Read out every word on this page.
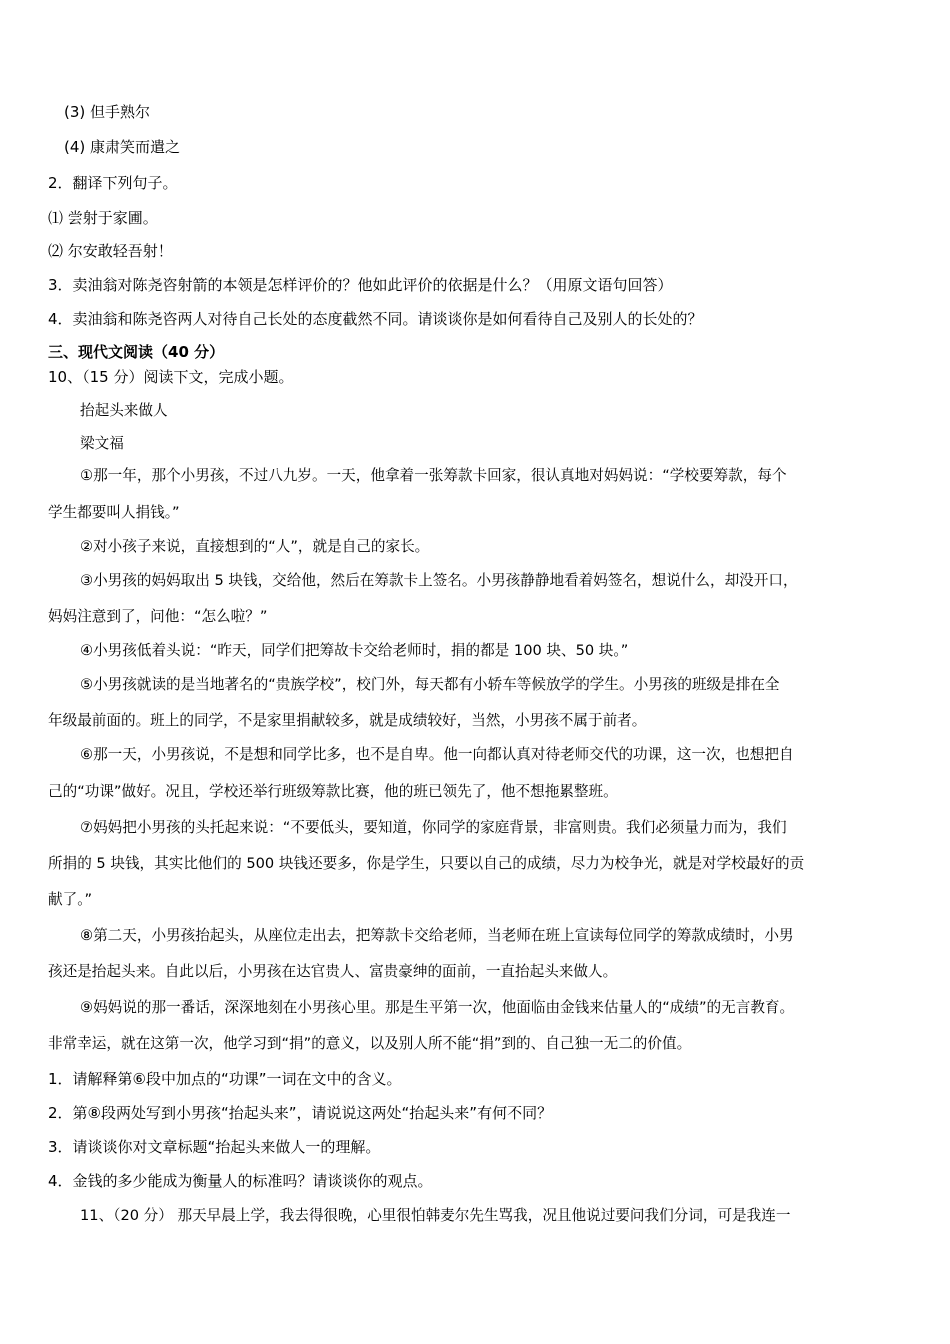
(3) 但手熟尔
(4) 康肃笑而遣之
2．翻译下列句子。
⑴ 尝射于家圃。
⑵ 尔安敢轻吾射！
3．卖油翁对陈尧咨射箭的本领是怎样评价的？他如此评价的依据是什么？（用原文语句回答）
4．卖油翁和陈尧咨两人对待自己长处的态度截然不同。请谈谈你是如何看待自己及别人的长处的？
三、现代文阅读（40 分）
10、（15 分）阅读下文，完成小题。
抬起头来做人
梁文福
①那一年，那个小男孩，不过八九岁。一天，他拿着一张筹款卡回家，很认真地对妈妈说：“学校要筹款，每个
学生都要叫人捐钱。”
②对小孩子来说，直接想到的“人”，就是自己的家长。
③小男孩的妈妈取出 5 块钱，交给他，然后在筹款卡上签名。小男孩静静地看着妈签名，想说什么，却没开口，
妈妈注意到了，问他：“怎么啦？”
④小男孩低着头说：“昨天，同学们把筹故卡交给老师时，捐的都是 100 块、50 块。”
⑤小男孩就读的是当地著名的“贵族学校”，校门外，每天都有小轿车等候放学的学生。小男孩的班级是排在全
年级最前面的。班上的同学，不是家里捐献较多，就是成绩较好，当然，小男孩不属于前者。
⑥那一天，小男孩说，不是想和同学比多，也不是自卑。他一向都认真对待老师交代的功课，这一次，也想把自
己的“功课”做好。况且，学校还举行班级筹款比赛，他的班已领先了，他不想拖累整班。
⑦妈妈把小男孩的头托起来说：“不要低头，要知道，你同学的家庭背景，非富则贵。我们必须量力而为，我们
所捐的 5 块钱，其实比他们的 500 块钱还要多，你是学生，只要以自己的成绩，尽力为校争光，就是对学校最好的贡
献了。”
⑧第二天，小男孩抬起头，从座位走出去，把筹款卡交给老师，当老师在班上宣读每位同学的筹款成绩时，小男
孩还是抬起头来。自此以后，小男孩在达官贵人、富贵豪绅的面前，一直抬起头来做人。
⑨妈妈说的那一番话，深深地刻在小男孩心里。那是生平第一次，他面临由金钱来估量人的“成绩”的无言教育。
非常幸运，就在这第一次，他学习到“捐”的意义，以及别人所不能“捐”到的、自己独一无二的价值。
1．请解释第⑥段中加点的“功课”一词在文中的含义。
2．第⑧段两处写到小男孩“抬起头来”，请说说这两处“抬起头来”有何不同？
3．请谈谈你对文章标题“抬起头来做人一的理解。
4．金钱的多少能成为衡量人的标准吗？请谈谈你的观点。
11、（20 分） 那天早晨上学，我去得很晚，心里很怕韩麦尔先生骂我，况且他说过要问我们分词，可是我连一
